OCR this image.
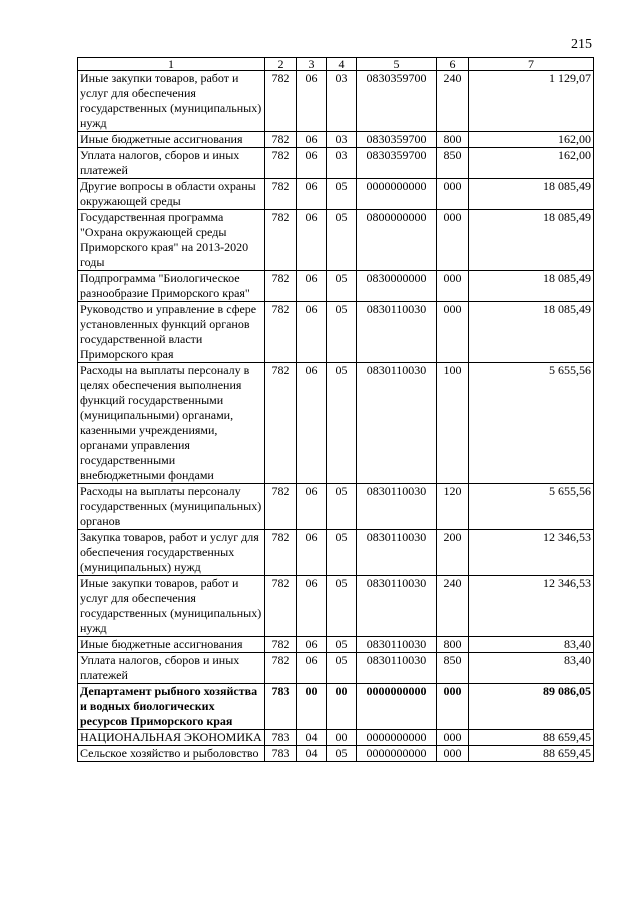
215
1	2	3	4	5	6	7
Иные закупки товаров, работ и услуг для обеспечения государственных (муниципальных) нужд	782	06	03	0830359700	240	1 129,07
Иные бюджетные ассигнования	782	06	03	0830359700	800	162,00
Уплата налогов, сборов и иных платежей	782	06	03	0830359700	850	162,00
Другие вопросы в области охраны окружающей среды	782	06	05	0000000000	000	18 085,49
Государственная программа "Охрана окружающей среды Приморского края" на 2013-2020 годы	782	06	05	0800000000	000	18 085,49
Подпрограмма "Биологическое разнообразие Приморского края"	782	06	05	0830000000	000	18 085,49
Руководство и управление в сфере установленных функций органов государственной власти Приморского края	782	06	05	0830110030	000	18 085,49
Расходы на выплаты персоналу в целях обеспечения выполнения функций государственными (муниципальными) органами, казенными учреждениями, органами управления государственными внебюджетными фондами	782	06	05	0830110030	100	5 655,56
Расходы на выплаты персоналу государственных (муниципальных) органов	782	06	05	0830110030	120	5 655,56
Закупка товаров, работ и услуг для обеспечения государственных (муниципальных) нужд	782	06	05	0830110030	200	12 346,53
Иные закупки товаров, работ и услуг для обеспечения государственных (муниципальных) нужд	782	06	05	0830110030	240	12 346,53
Иные бюджетные ассигнования	782	06	05	0830110030	800	83,40
Уплата налогов, сборов и иных платежей	782	06	05	0830110030	850	83,40
Департамент рыбного хозяйства и водных биологических ресурсов Приморского края	783	00	00	0000000000	000	89 086,05
НАЦИОНАЛЬНАЯ ЭКОНОМИКА	783	04	00	0000000000	000	88 659,45
Сельское хозяйство и рыболовство	783	04	05	0000000000	000	88 659,45
